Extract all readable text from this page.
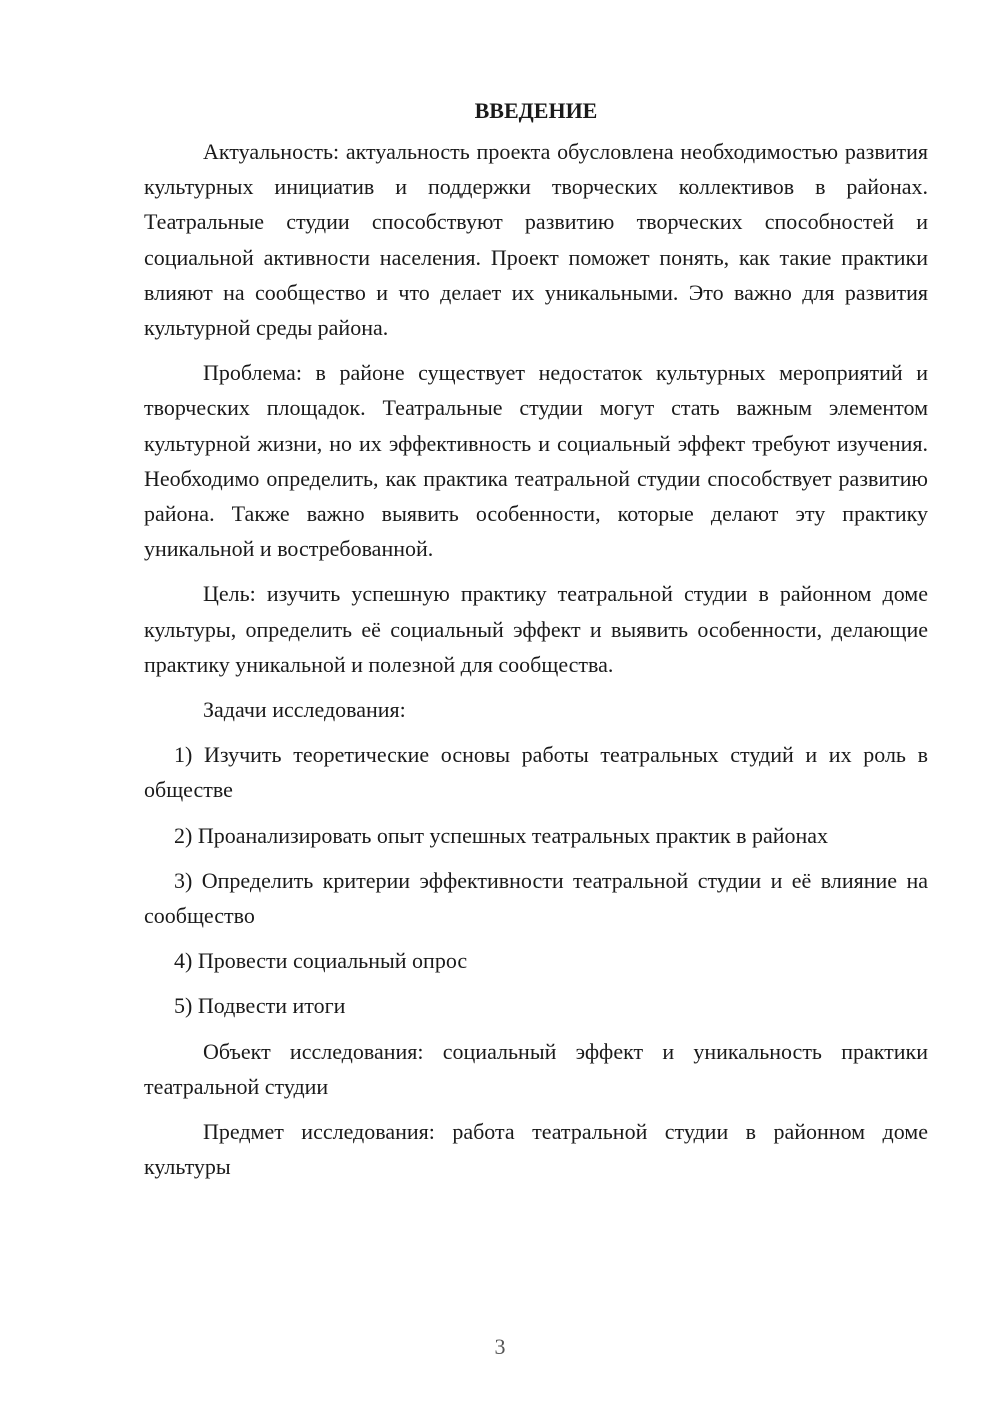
ВВЕДЕНИЕ

Актуальность: актуальность проекта обусловлена необходимостью развития культурных инициатив и поддержки творческих коллективов в районах. Театральные студии способствуют развитию творческих способностей и социальной активности населения. Проект поможет понять, как такие практики влияют на сообщество и что делает их уникальными. Это важно для развития культурной среды района.

Проблема: в районе существует недостаток культурных мероприятий и творческих площадок. Театральные студии могут стать важным элементом культурной жизни, но их эффективность и социальный эффект требуют изучения. Необходимо определить, как практика театральной студии способствует развитию района. Также важно выявить особенности, которые делают эту практику уникальной и востребованной.

Цель: изучить успешную практику театральной студии в районном доме культуры, определить её социальный эффект и выявить особенности, делающие практику уникальной и полезной для сообщества.

Задачи исследования:

1) Изучить теоретические основы работы театральных студий и их роль в обществе

2) Проанализировать опыт успешных театральных практик в районах

3) Определить критерии эффективности театральной студии и её влияние на сообщество

4) Провести социальный опрос

5) Подвести итоги

Объект исследования: социальный эффект и уникальность практики театральной студии

Предмет исследования: работа театральной студии в районном доме культуры

3
